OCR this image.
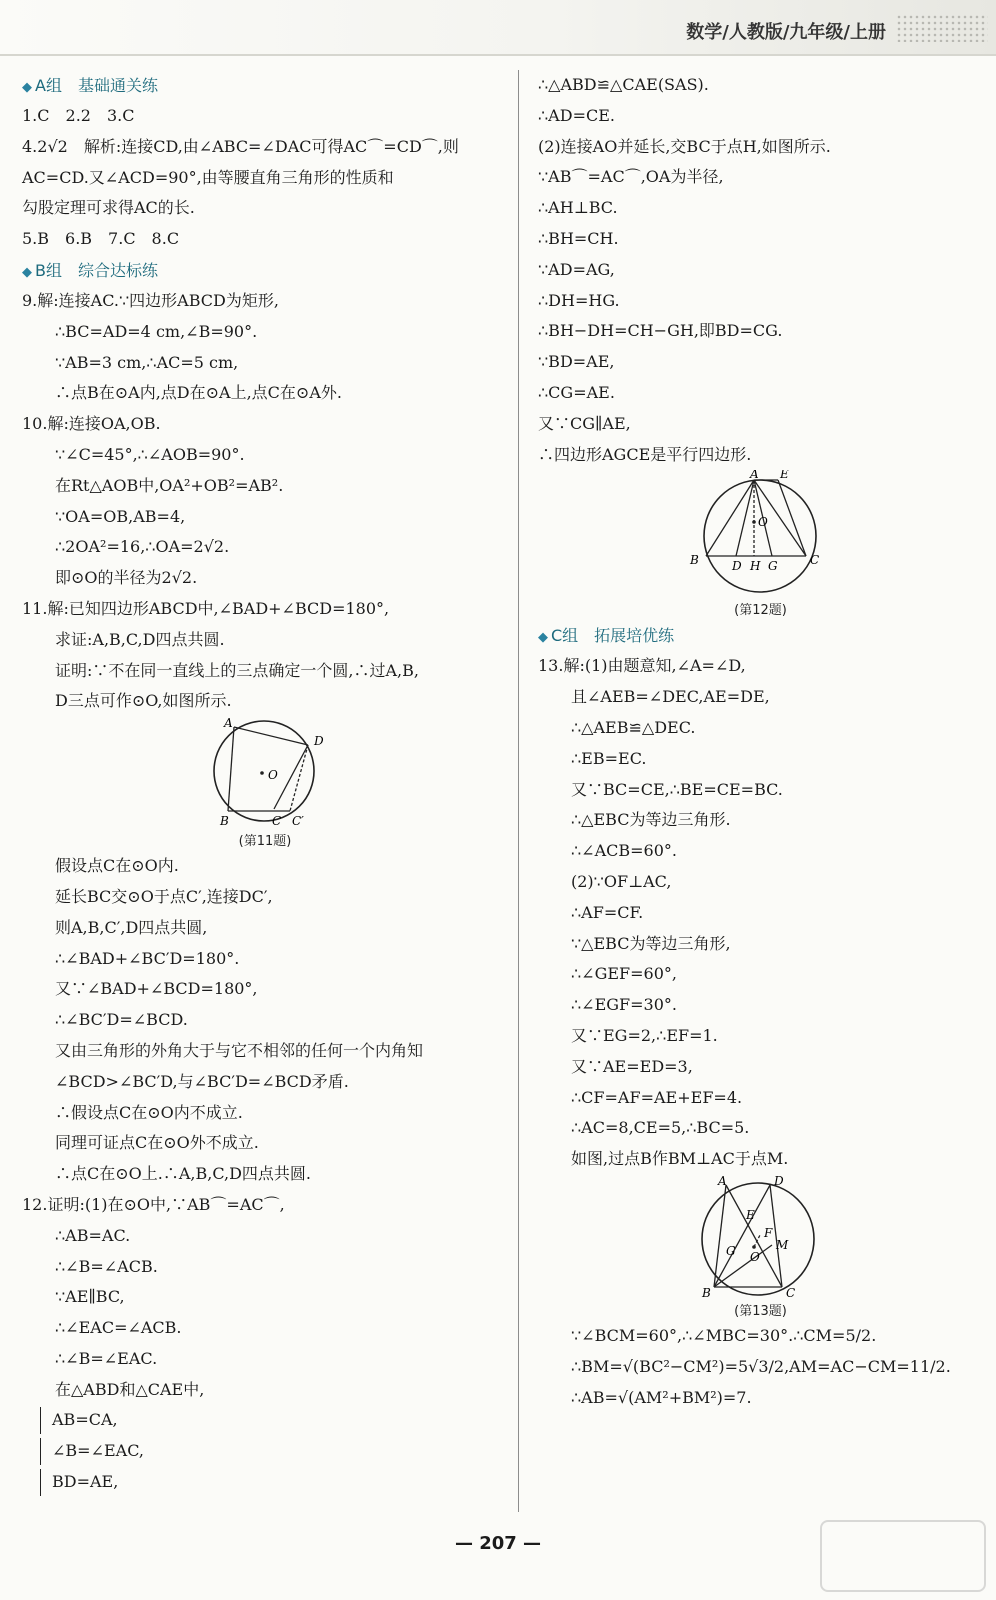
数学/人教版/九年级/上册
◆ A组　基础通关练
1.C　2.2　3.C
4.2√2　解析:连接CD,由∠ABC=∠DAC可得AC⌒=CD⌒,则
AC=CD.又∠ACD=90°,由等腰直角三角形的性质和
勾股定理可求得AC的长.
5.B　6.B　7.C　8.C
◆ B组　综合达标练
9.解:连接AC.∵四边形ABCD为矩形,
∴BC=AD=4 cm,∠B=90°.
∵AB=3 cm,∴AC=5 cm,
∴点B在⊙A内,点D在⊙A上,点C在⊙A外.
10.解:连接OA,OB.
∵∠C=45°,∴∠AOB=90°.
在Rt△AOB中,OA²+OB²=AB².
∵OA=OB,AB=4,
∴2OA²=16,∴OA=2√2.
即⊙O的半径为2√2.
11.解:已知四边形ABCD中,∠BAD+∠BCD=180°,
求证:A,B,C,D四点共圆.
证明:∵不在同一直线上的三点确定一个圆,∴过A,B,
D三点可作⊙O,如图所示.
A
D
O
B	C C′
(第11题)
假设点C在⊙O内.
延长BC交⊙O于点C′,连接DC′,
则A,B,C′,D四点共圆,
∴∠BAD+∠BC′D=180°.
又∵∠BAD+∠BCD=180°,
∴∠BC′D=∠BCD.
又由三角形的外角大于与它不相邻的任何一个内角知
∠BCD>∠BC′D,与∠BC′D=∠BCD矛盾.
∴假设点C在⊙O内不成立.
同理可证点C在⊙O外不成立.
∴点C在⊙O上.∴A,B,C,D四点共圆.
12.证明:(1)在⊙O中,∵AB⌒=AC⌒,
∴AB=AC.
∴∠B=∠ACB.
∵AE∥BC,
∴∠EAC=∠ACB.
∴∠B=∠EAC.
在△ABD和△CAE中,
AB=CA,
∠B=∠EAC,
BD=AE,
∴△ABD≌△CAE(SAS).
∴AD=CE.
(2)连接AO并延长,交BC于点H,如图所示.
∵AB⌒=AC⌒,OA为半径,
∴AH⊥BC.
∴BH=CH.
∵AD=AG,
∴DH=HG.
∴BH−DH=CH−GH,即BD=CG.
∵BD=AE,
∴CG=AE.
又∵CG∥AE,
∴四边形AGCE是平行四边形.
A E
O
B	D H G	C
(第12题)
◆ C组　拓展培优练
13.解:(1)由题意知,∠A=∠D,
且∠AEB=∠DEC,AE=DE,
∴△AEB≌△DEC.
∴EB=EC.
又∵BC=CE,∴BE=CE=BC.
∴△EBC为等边三角形.
∴∠ACB=60°.
(2)∵OF⊥AC,
∴AF=CF.
∵△EBC为等边三角形,
∴∠GEF=60°,
∴∠EGF=30°.
又∵EG=2,∴EF=1.
又∵AE=ED=3,
∴CF=AF=AE+EF=4.
∴AC=8,CE=5,∴BC=5.
如图,过点B作BM⊥AC于点M.
A	D
E
F
G O
M
B	C
(第13题)
∵∠BCM=60°,∴∠MBC=30°.∴CM=5/2.
∴BM=√(BC²−CM²)=5√3/2,AM=AC−CM=11/2.
∴AB=√(AM²+BM²)=7.
— 207 —
